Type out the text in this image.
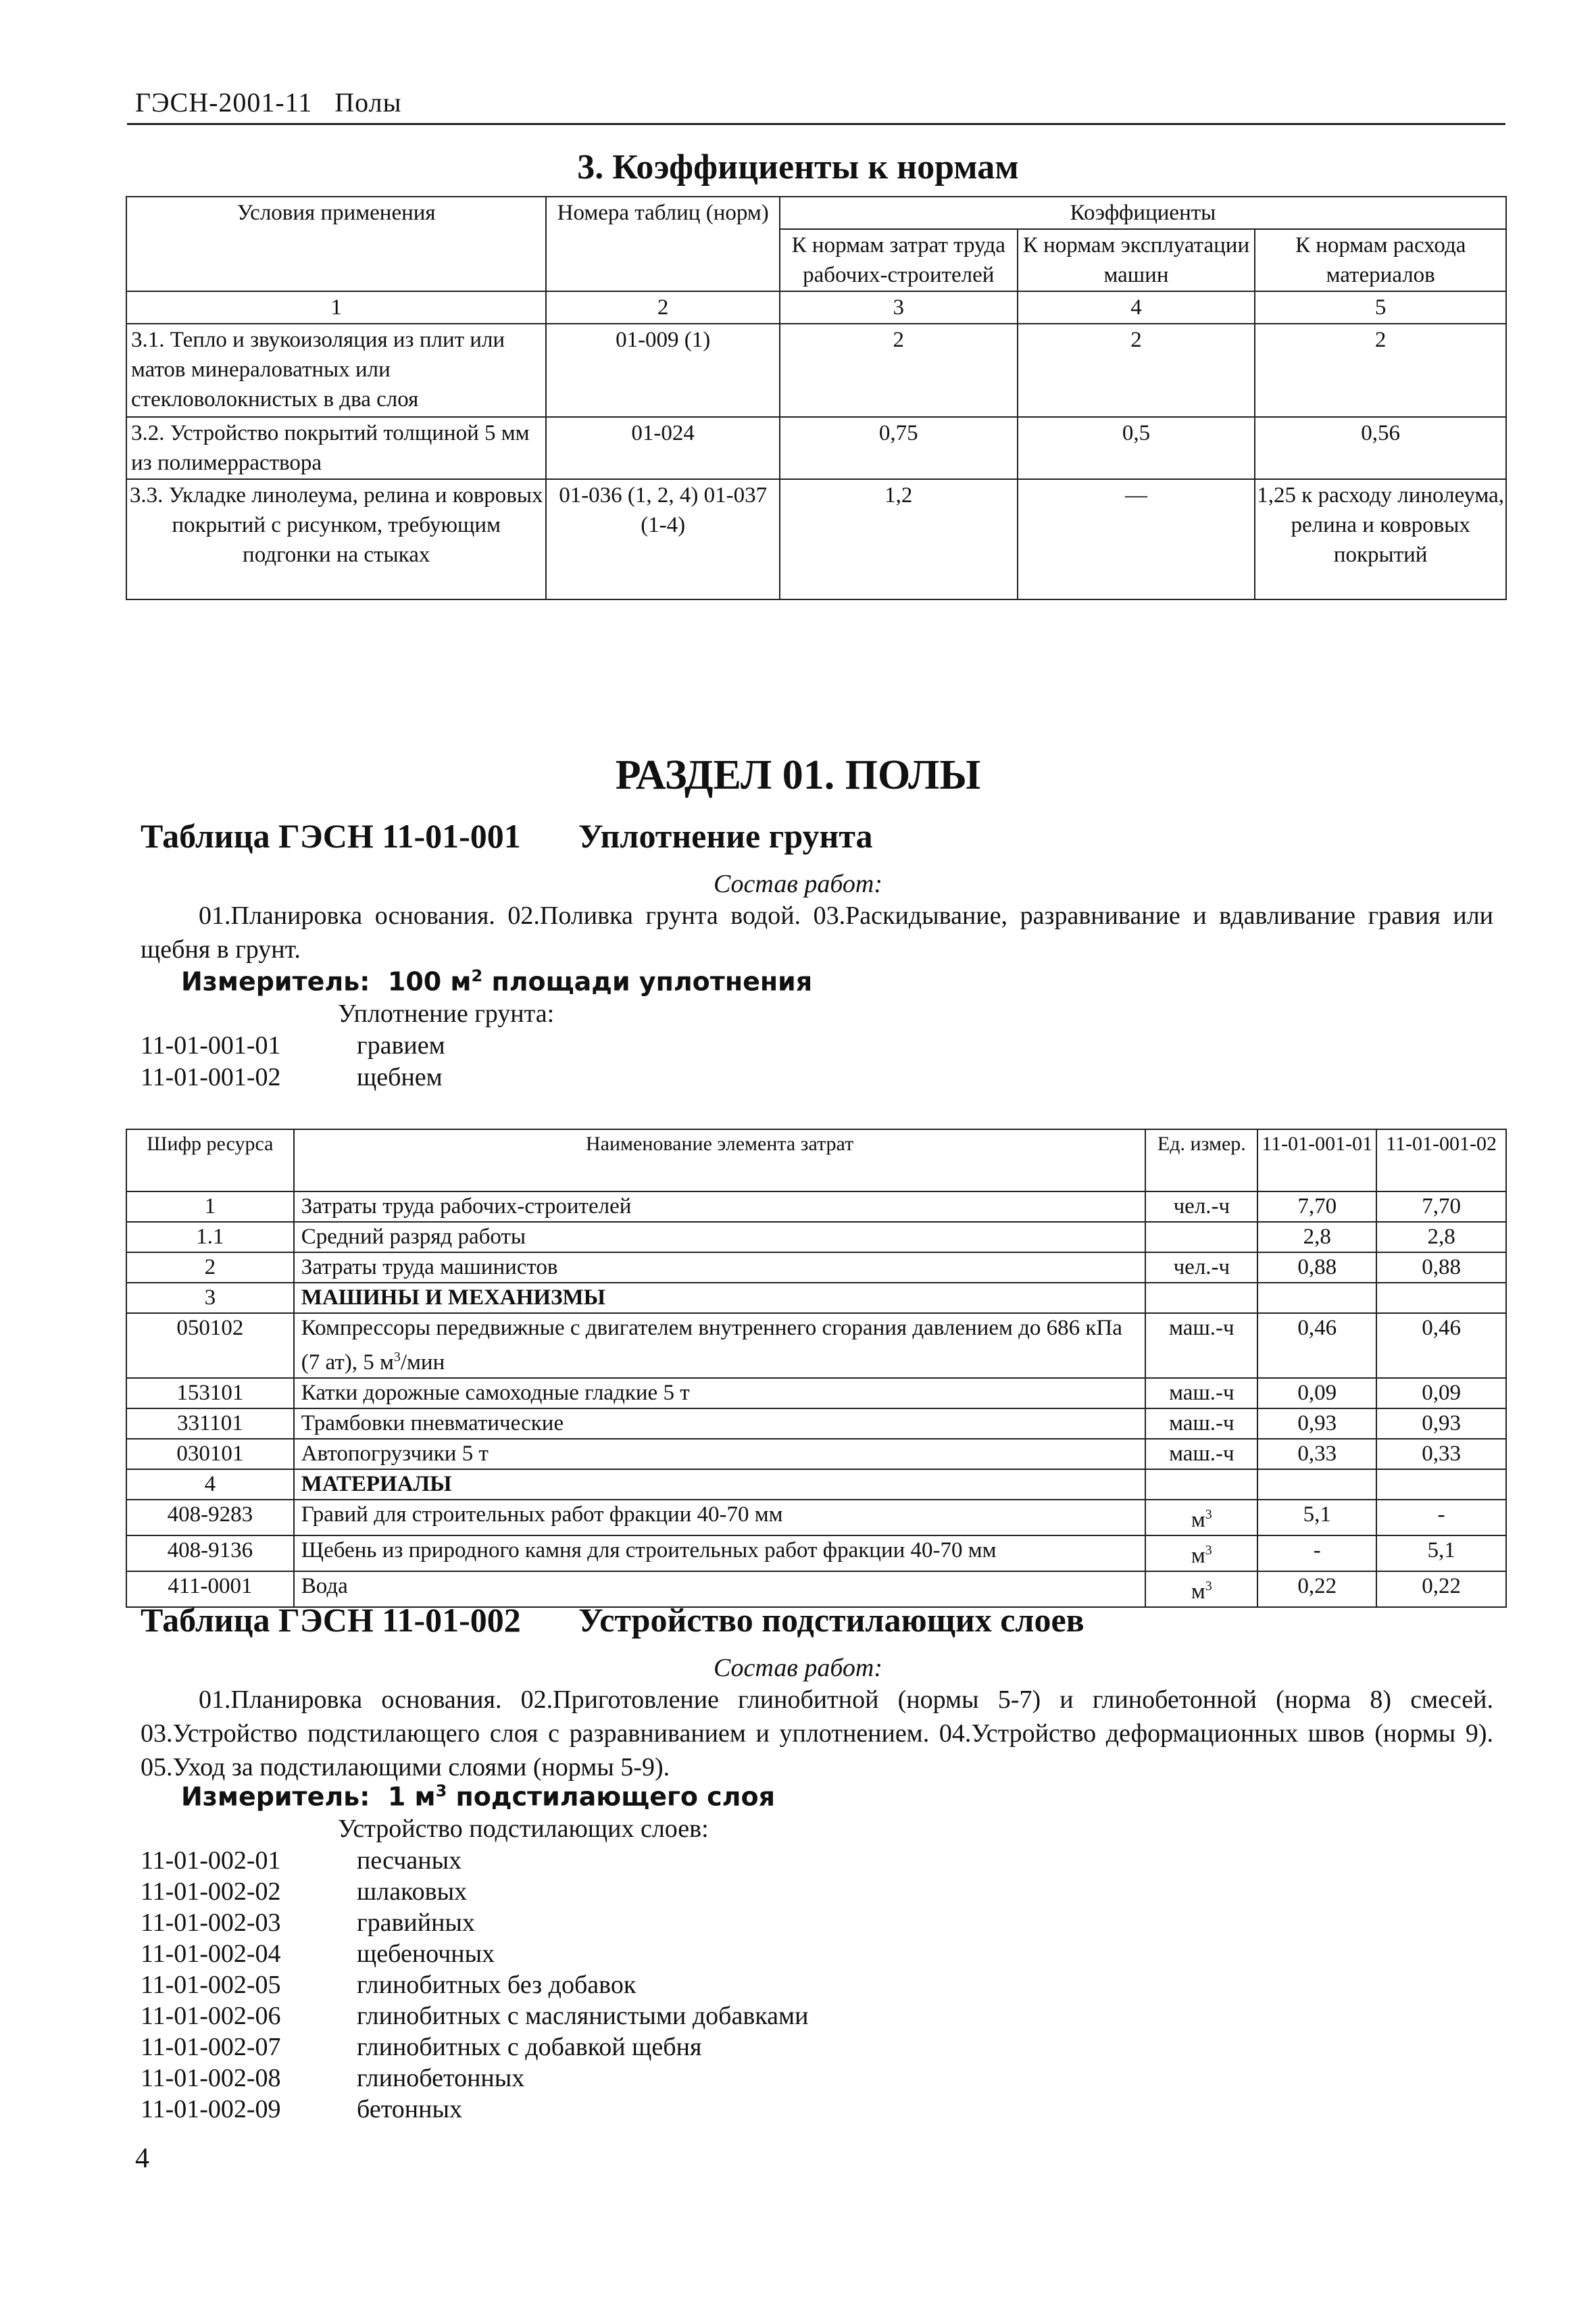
ГЭСН-2001-11 Полы
3. Коэффициенты к нормам
Условия применения	Номера таблиц (норм)	Коэффициенты		
		К нормам затрат труда рабочих-строителей	К нормам эксплуатации машин	К нормам расхода материалов
1	2	3	4	5
3.1. Тепло и звукоизоляция из плит или матов минераловатных или стекловолокнистых в два слоя	01-009 (1)	2	2	2
3.2. Устройство покрытий толщиной 5 мм из полимерраствора	01-024	0,75	0,5	0,56
3.3. Укладке линолеума, релина и ковровых покрытий с рисунком, требующим подгонки на стыках	01-036 (1, 2, 4) 01-037 (1-4)	1,2	—	1,25 к расходу линолеума, релина и ковровых покрытий
РАЗДЕЛ 01. ПОЛЫ
Таблица ГЭСН 11-01-001 Уплотнение грунта
Состав работ:
01.Планировка основания. 02.Поливка грунта водой. 03.Раскидывание, разравнивание и вдавливание гравия или щебня в грунт.
Измеритель: 100 $м^2$ площади уплотнения
Уплотнение грунта:
11-01-001-01	гравием
11-01-001-02	щебнем
Шифр ресурса	Наименование элемента затрат	Ед. измер.	11-01-001-01	11-01-001-02
1	Затраты труда рабочих-строителей	чел.-ч	7,70	7,70
1.1	Средний разряд работы		2,8	2,8
2	Затраты труда машинистов	чел.-ч	0,88	0,88
3	МАШИНЫ И МЕХАНИЗМЫ			
050102	Компрессоры передвижные с двигателем внутреннего сгорания давлением до 686 кПа (7 ат), 5 $м^3$/мин	маш.-ч	0,46	0,46
153101	Катки дорожные самоходные гладкие 5 т	маш.-ч	0,09	0,09
331101	Трамбовки пневматические	маш.-ч	0,93	0,93
030101	Автопогрузчики 5 т	маш.-ч	0,33	0,33
4	МАТЕРИАЛЫ			
408-9283	Гравий для строительных работ фракции 40-70 мм	$м^3$	5,1	-
408-9136	Щебень из природного камня для строительных работ фракции 40-70 мм	$м^3$	-	5,1
411-0001	Вода	$м^3$	0,22	0,22
Таблица ГЭСН 11-01-002 Устройство подстилающих слоев
Состав работ:
01.Планировка основания. 02.Приготовление глинобитной (нормы 5-7) и глинобетонной (норма 8) смесей. 03.Устройство подстилающего слоя с разравниванием и уплотнением. 04.Устройство деформационных швов (нормы 9). 05.Уход за подстилающими слоями (нормы 5-9).
Измеритель: 1 $м^3$ подстилающего слоя
Устройство подстилающих слоев:
11-01-002-01	песчаных
11-01-002-02	шлаковых
11-01-002-03	гравийных
11-01-002-04	щебеночных
11-01-002-05	глинобитных без добавок
11-01-002-06	глинобитных с маслянистыми добавками
11-01-002-07	глинобитных с добавкой щебня
11-01-002-08	глинобетонных
11-01-002-09	бетонных
4
